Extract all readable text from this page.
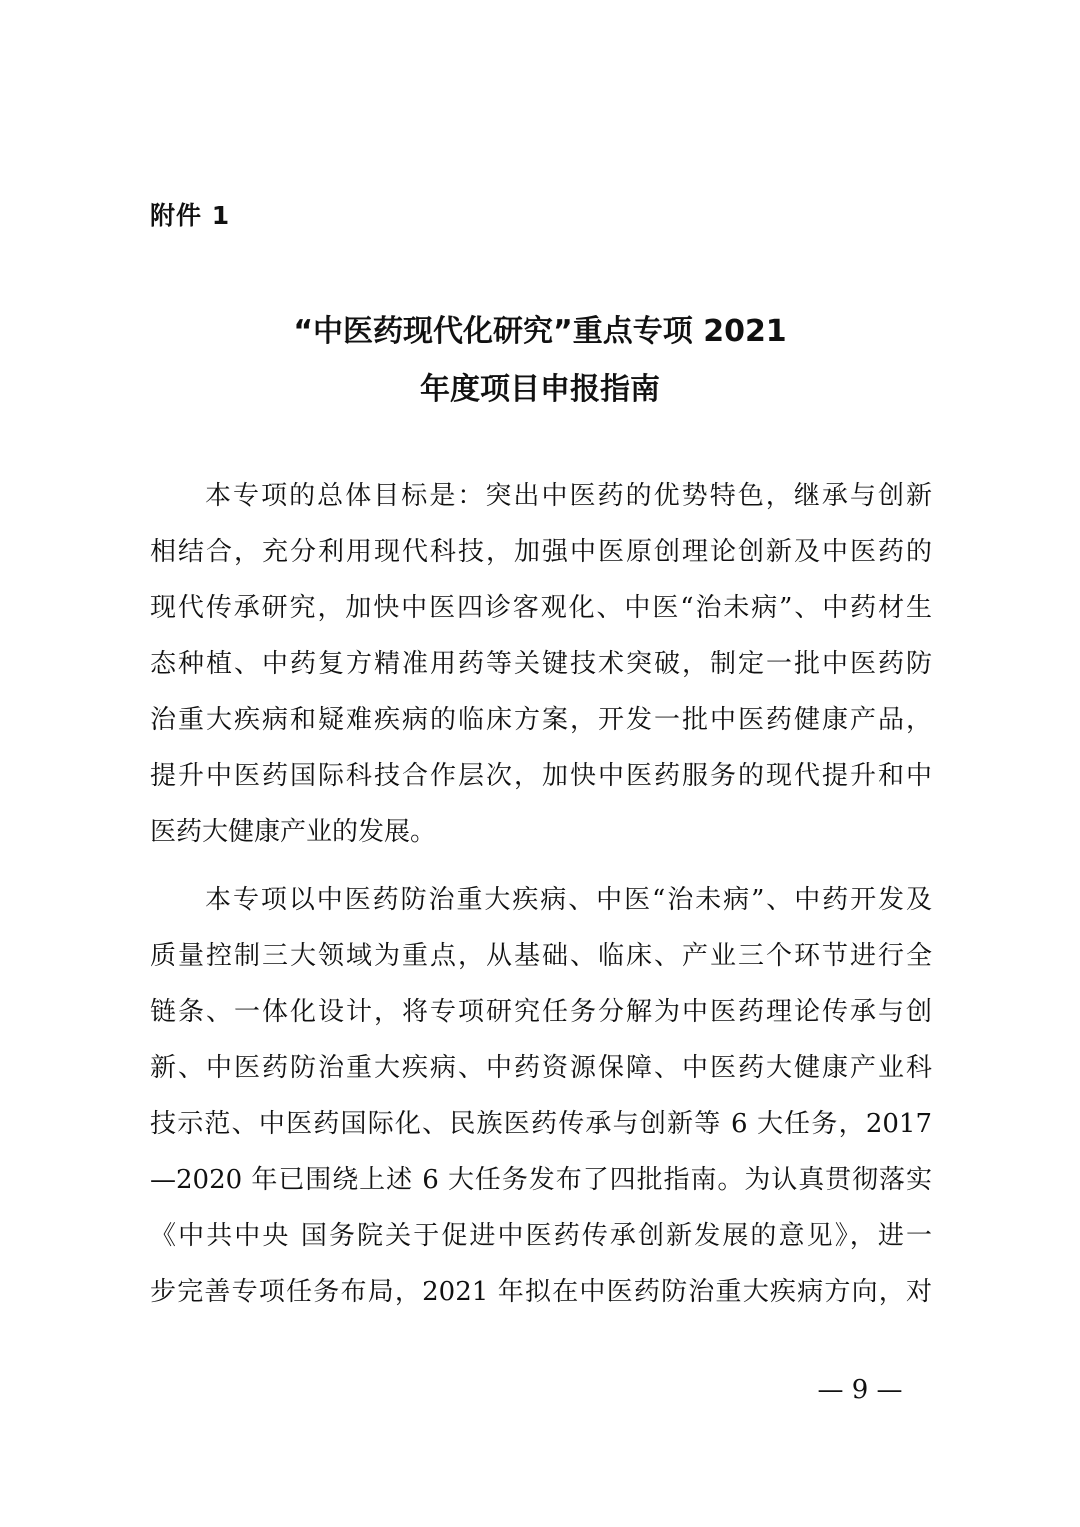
附件 1
“中医药现代化研究”重点专项 2021
年度项目申报指南
本专项的总体目标是：突出中医药的优势特色，继承与创新
相结合，充分利用现代科技，加强中医原创理论创新及中医药的
现代传承研究，加快中医四诊客观化、中医“治未病”、中药材生
态种植、中药复方精准用药等关键技术突破，制定一批中医药防
治重大疾病和疑难疾病的临床方案，开发一批中医药健康产品，
提升中医药国际科技合作层次，加快中医药服务的现代提升和中
医药大健康产业的发展。
本专项以中医药防治重大疾病、中医“治未病”、中药开发及
质量控制三大领域为重点，从基础、临床、产业三个环节进行全
链条、一体化设计，将专项研究任务分解为中医药理论传承与创
新、中医药防治重大疾病、中药资源保障、中医药大健康产业科
技示范、中医药国际化、民族医药传承与创新等 6 大任务，2017
—2020 年已围绕上述 6 大任务发布了四批指南。为认真贯彻落实
《中共中央 国务院关于促进中医药传承创新发展的意见》，进一
步完善专项任务布局，2021 年拟在中医药防治重大疾病方向，对
— 9 —
